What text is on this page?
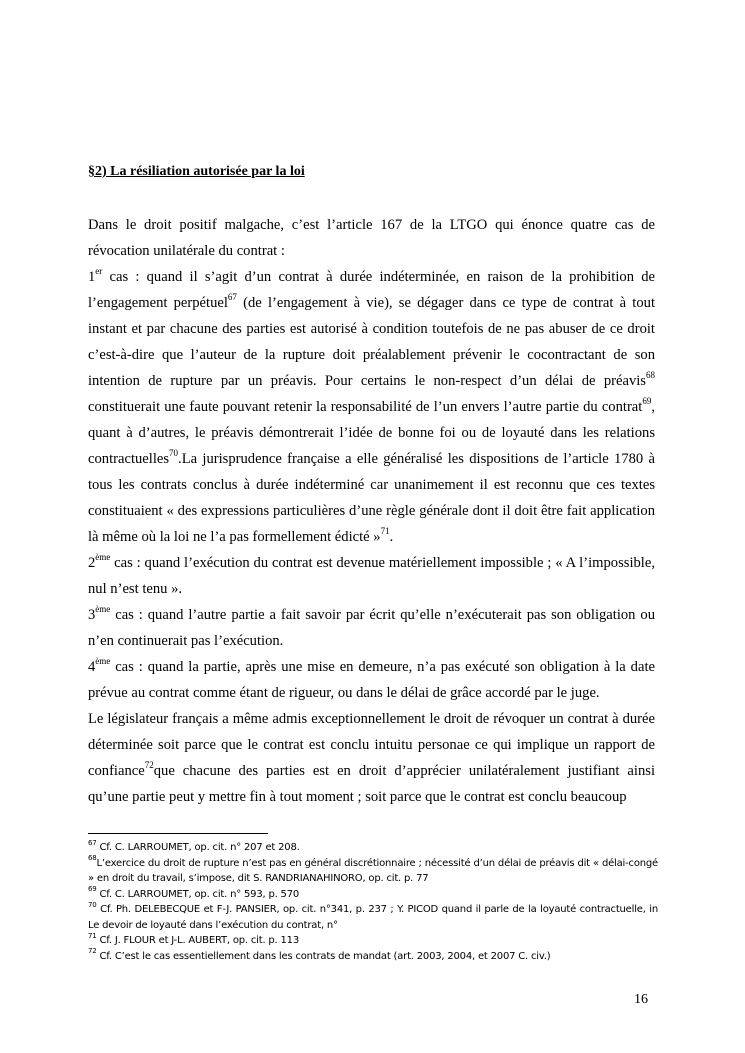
§2) La résiliation autorisée par la loi

Dans le droit positif malgache, c’est l’article 167 de la LTGO qui énonce quatre cas de révocation unilatérale du contrat :

1er cas : quand il s’agit d’un contrat à durée indéterminée, en raison de la prohibition de l’engagement perpétuel$^{67}$ (de l’engagement à vie), se dégager dans ce type de contrat à tout instant et par chacune des parties est autorisé à condition toutefois de ne pas abuser de ce droit c’est-à-dire que l’auteur de la rupture doit préalablement prévenir le cocontractant de son intention de rupture par un préavis. Pour certains le non-respect d’un délai de préavis$^{68}$ constituerait une faute pouvant retenir la responsabilité de l’un envers l’autre partie du contrat$^{69}$, quant à d’autres, le préavis démontrerait l’idée de bonne foi ou de loyauté dans les relations contractuelles$^{70}$.La jurisprudence française a elle généralisé les dispositions de l’article 1780 à tous les contrats conclus à durée indéterminé car unanimement il est reconnu que ces textes constituaient « des expressions particulières d’une règle générale dont il doit être fait application là même où la loi ne l’a pas formellement édicté »$^{71}$.

2ème cas : quand l’exécution du contrat est devenue matériellement impossible ; « A l’impossible, nul n’est tenu ».

3ème cas : quand l’autre partie a fait savoir par écrit qu’elle n’exécuterait pas son obligation ou n’en continuerait pas l’exécution.

4ème cas : quand la partie, après une mise en demeure, n’a pas exécuté son obligation à la date prévue au contrat comme étant de rigueur, ou dans le délai de grâce accordé par le juge.

Le législateur français a même admis exceptionnellement le droit de révoquer un contrat à durée déterminée soit parce que le contrat est conclu intuitu personae ce qui implique un rapport de confiance$^{72}$que chacune des parties est en droit d’apprécier unilatéralement justifiant ainsi qu’une partie peut y mettre fin à tout moment ; soit parce que le contrat est conclu beaucoup

$^{67}$ Cf. C. LARROUMET, op. cit. n° 207 et 208.

$^{68}$L’exercice du droit de rupture n’est pas en général discrétionnaire ; nécessité d’un délai de préavis dit « délai-congé » en droit du travail, s’impose, dit S. RANDRIANAHINORO, op. cit. p. 77

$^{69}$ Cf. C. LARROUMET, op. cit. n° 593, p. 570

$^{70}$ Cf. Ph. DELEBECQUE et F-J. PANSIER, op. cit. n°341, p. 237 ; Y. PICOD quand il parle de la loyauté contractuelle, in Le devoir de loyauté dans l’exécution du contrat, n°

$^{71}$ Cf. J. FLOUR et J-L. AUBERT, op. cit. p. 113

$^{72}$ Cf. C’est le cas essentiellement dans les contrats de mandat (art. 2003, 2004, et 2007 C. civ.)

16
